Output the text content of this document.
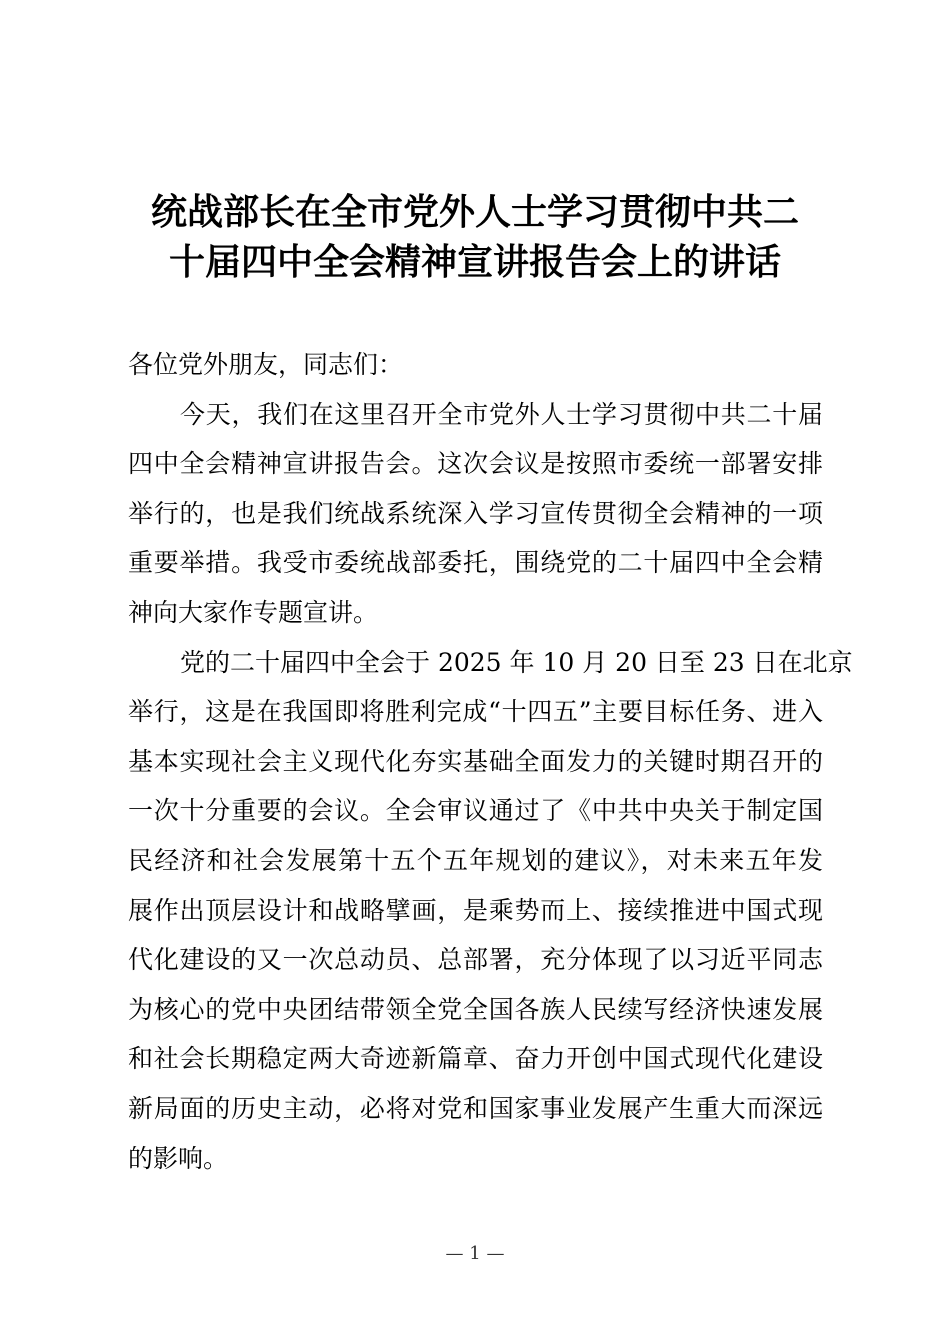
统战部长在全市党外人士学习贯彻中共二
十届四中全会精神宣讲报告会上的讲话
各位党外朋友，同志们：
今天，我们在这里召开全市党外人士学习贯彻中共二十届
四中全会精神宣讲报告会。这次会议是按照市委统一部署安排
举行的，也是我们统战系统深入学习宣传贯彻全会精神的一项
重要举措。我受市委统战部委托，围绕党的二十届四中全会精
神向大家作专题宣讲。
党的二十届四中全会于 2025 年 10 月 20 日至 23 日在北京
举行，这是在我国即将胜利完成“十四五”主要目标任务、进入
基本实现社会主义现代化夯实基础全面发力的关键时期召开的
一次十分重要的会议。全会审议通过了《中共中央关于制定国
民经济和社会发展第十五个五年规划的建议》，对未来五年发
展作出顶层设计和战略擘画，是乘势而上、接续推进中国式现
代化建设的又一次总动员、总部署，充分体现了以习近平同志
为核心的党中央团结带领全党全国各族人民续写经济快速发展
和社会长期稳定两大奇迹新篇章、奋力开创中国式现代化建设
新局面的历史主动，必将对党和国家事业发展产生重大而深远
的影响。
— 1 —
